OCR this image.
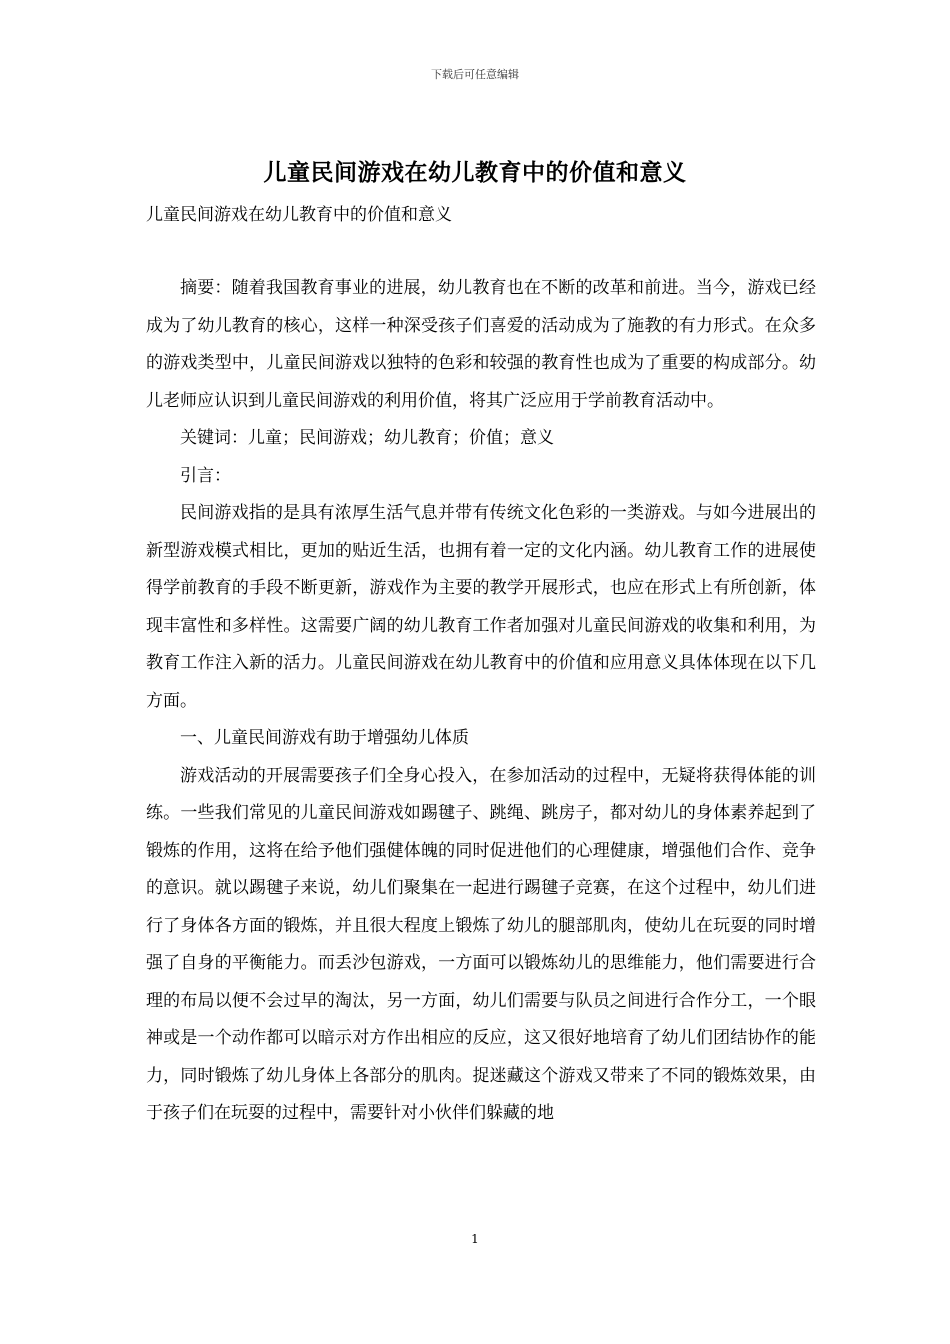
下载后可任意编辑
儿童民间游戏在幼儿教育中的价值和意义
儿童民间游戏在幼儿教育中的价值和意义

摘要：随着我国教育事业的进展，幼儿教育也在不断的改革和前进。当今，游戏已经成为了幼儿教育的核心，这样一种深受孩子们喜爱的活动成为了施教的有力形式。在众多的游戏类型中，儿童民间游戏以独特的色彩和较强的教育性也成为了重要的构成部分。幼儿老师应认识到儿童民间游戏的利用价值，将其广泛应用于学前教育活动中。

关键词：儿童；民间游戏；幼儿教育；价值；意义

引言：

民间游戏指的是具有浓厚生活气息并带有传统文化色彩的一类游戏。与如今进展出的新型游戏模式相比，更加的贴近生活，也拥有着一定的文化内涵。幼儿教育工作的进展使得学前教育的手段不断更新，游戏作为主要的教学开展形式，也应在形式上有所创新，体现丰富性和多样性。这需要广阔的幼儿教育工作者加强对儿童民间游戏的收集和利用，为教育工作注入新的活力。儿童民间游戏在幼儿教育中的价值和应用意义具体体现在以下几方面。

一、儿童民间游戏有助于增强幼儿体质

游戏活动的开展需要孩子们全身心投入，在参加活动的过程中，无疑将获得体能的训练。一些我们常见的儿童民间游戏如踢毽子、跳绳、跳房子，都对幼儿的身体素养起到了锻炼的作用，这将在给予他们强健体魄的同时促进他们的心理健康，增强他们合作、竞争的意识。就以踢毽子来说，幼儿们聚集在一起进行踢毽子竞赛，在这个过程中，幼儿们进行了身体各方面的锻炼，并且很大程度上锻炼了幼儿的腿部肌肉，使幼儿在玩耍的同时增强了自身的平衡能力。而丢沙包游戏，一方面可以锻炼幼儿的思维能力，他们需要进行合理的布局以便不会过早的淘汰，另一方面，幼儿们需要与队员之间进行合作分工，一个眼神或是一个动作都可以暗示对方作出相应的反应，这又很好地培育了幼儿们团结协作的能力，同时锻炼了幼儿身体上各部分的肌肉。捉迷藏这个游戏又带来了不同的锻炼效果，由于孩子们在玩耍的过程中，需要针对小伙伴们躲藏的地

1
